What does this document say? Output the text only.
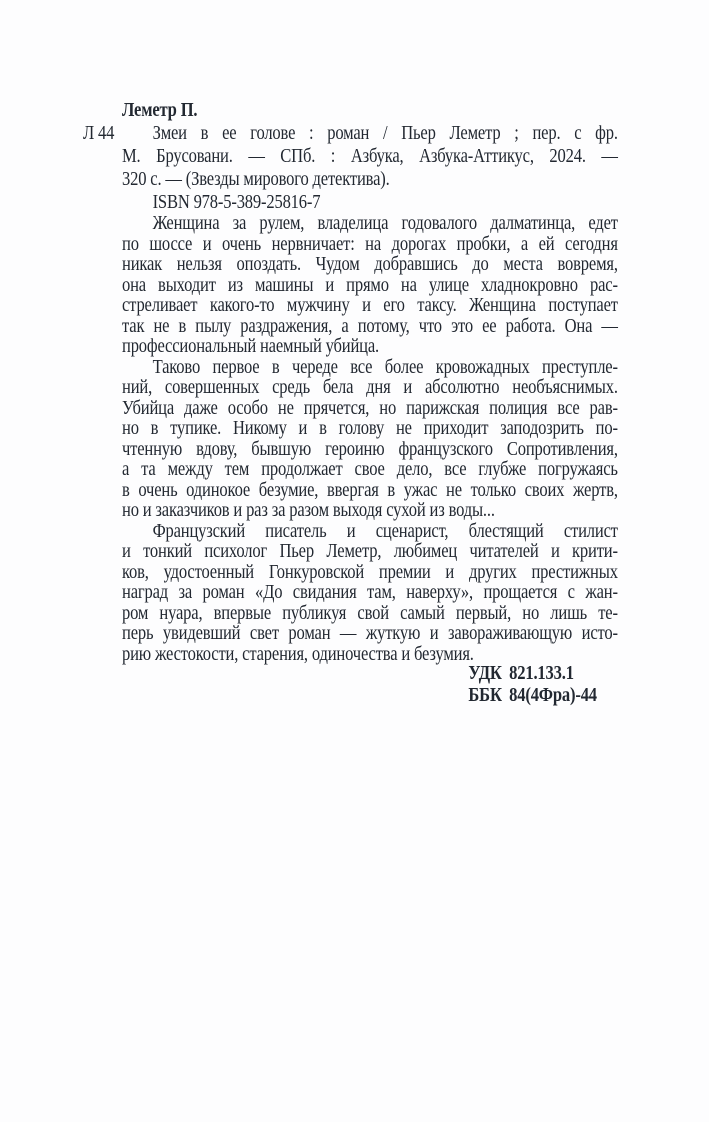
Леметр П.
Л 44	Змеи в ее голове : роман / Пьер Леметр ; пер. с фр.
М. Брусовани. — СПб. : Азбука, Азбука-Аттикус, 2024. —
320 с. — (Звезды мирового детектива).
ISBN 978-5-389-25816-7
Женщина за рулем, владелица годовалого далматинца, едет
по шоссе и очень нервничает: на дорогах пробки, а ей сегодня
никак нельзя опоздать. Чудом добравшись до места вовремя,
она выходит из машины и прямо на улице хладнокровно рас-
стреливает какого-то мужчину и его таксу. Женщина поступает
так не в пылу раздражения, а потому, что это ее работа. Она —
профессиональный наемный убийца.
Таково первое в череде все более кровожадных преступле-
ний, совершенных средь бела дня и абсолютно необъяснимых.
Убийца даже особо не прячется, но парижская полиция все рав-
но в тупике. Никому и в голову не приходит заподозрить по-
чтенную вдову, бывшую героиню французского Сопротивления,
а та между тем продолжает свое дело, все глубже погружаясь
в очень одинокое безумие, ввергая в ужас не только своих жертв,
но и заказчиков и раз за разом выходя сухой из воды...
Французский писатель и сценарист, блестящий стилист
и тонкий психолог Пьер Леметр, любимец читателей и крити-
ков, удостоенный Гонкуровской премии и других престижных
наград за роман «До свидания там, наверху», прощается с жан-
ром нуара, впервые публикуя свой самый первый, но лишь те-
перь увидевший свет роман — жуткую и завораживающую исто-
рию жестокости, старения, одиночества и безумия.
УДК 821.133.1
ББК 84(4Фра)-44
